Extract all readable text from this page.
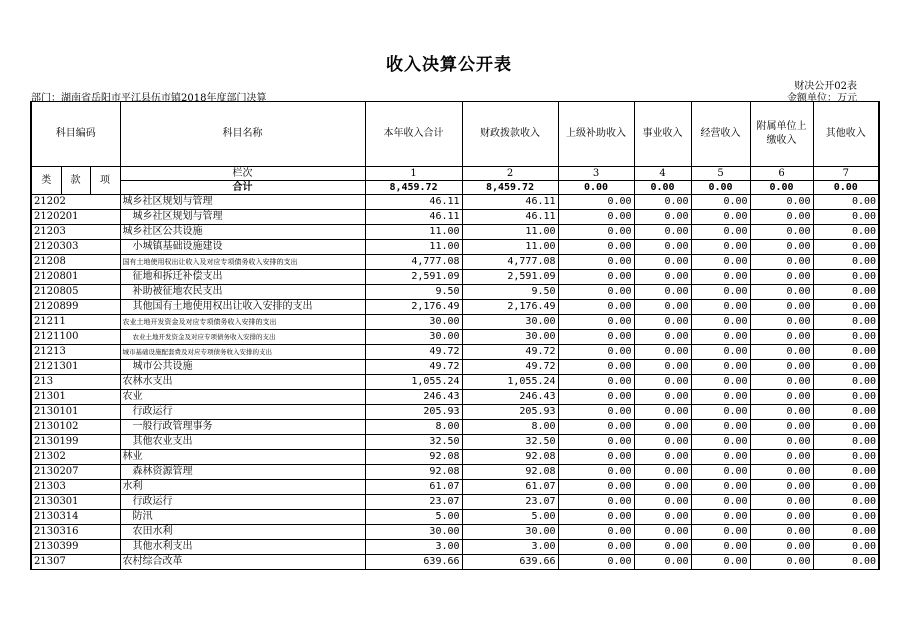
收入决算公开表
财决公开02表
部门：湖南省岳阳市平江县伍市镇2018年度部门决算	金额单位：万元
科目编码			科目名称	本年收入合计	财政拨款收入	上级补助收入	事业收入	经营收入	附属单位上缴收入	其他收入
类	款	项	栏次	1	2	3	4	5	6	7
			合计	8,459.72	8,459.72	0.00	0.00	0.00	0.00	0.00
21202			城乡社区规划与管理	46.11	46.11	0.00	0.00	0.00	0.00	0.00
2120201			城乡社区规划与管理	46.11	46.11	0.00	0.00	0.00	0.00	0.00
21203			城乡社区公共设施	11.00	11.00	0.00	0.00	0.00	0.00	0.00
2120303			小城镇基础设施建设	11.00	11.00	0.00	0.00	0.00	0.00	0.00
21208			国有土地使用权出让收入及对应专项债务收入安排的支出	4,777.08	4,777.08	0.00	0.00	0.00	0.00	0.00
2120801			征地和拆迁补偿支出	2,591.09	2,591.09	0.00	0.00	0.00	0.00	0.00
2120805			补助被征地农民支出	9.50	9.50	0.00	0.00	0.00	0.00	0.00
2120899			其他国有土地使用权出让收入安排的支出	2,176.49	2,176.49	0.00	0.00	0.00	0.00	0.00
21211			农业土地开发资金及对应专项债务收入安排的支出	30.00	30.00	0.00	0.00	0.00	0.00	0.00
2121100			农业土地开发资金及对应专项债务收入安排的支出	30.00	30.00	0.00	0.00	0.00	0.00	0.00
21213			城市基础设施配套费及对应专项债务收入安排的支出	49.72	49.72	0.00	0.00	0.00	0.00	0.00
2121301			城市公共设施	49.72	49.72	0.00	0.00	0.00	0.00	0.00
213			农林水支出	1,055.24	1,055.24	0.00	0.00	0.00	0.00	0.00
21301			农业	246.43	246.43	0.00	0.00	0.00	0.00	0.00
2130101			行政运行	205.93	205.93	0.00	0.00	0.00	0.00	0.00
2130102			一般行政管理事务	8.00	8.00	0.00	0.00	0.00	0.00	0.00
2130199			其他农业支出	32.50	32.50	0.00	0.00	0.00	0.00	0.00
21302			林业	92.08	92.08	0.00	0.00	0.00	0.00	0.00
2130207			森林资源管理	92.08	92.08	0.00	0.00	0.00	0.00	0.00
21303			水利	61.07	61.07	0.00	0.00	0.00	0.00	0.00
2130301			行政运行	23.07	23.07	0.00	0.00	0.00	0.00	0.00
2130314			防汛	5.00	5.00	0.00	0.00	0.00	0.00	0.00
2130316			农田水利	30.00	30.00	0.00	0.00	0.00	0.00	0.00
2130399			其他水利支出	3.00	3.00	0.00	0.00	0.00	0.00	0.00
21307			农村综合改革	639.66	639.66	0.00	0.00	0.00	0.00	0.00
